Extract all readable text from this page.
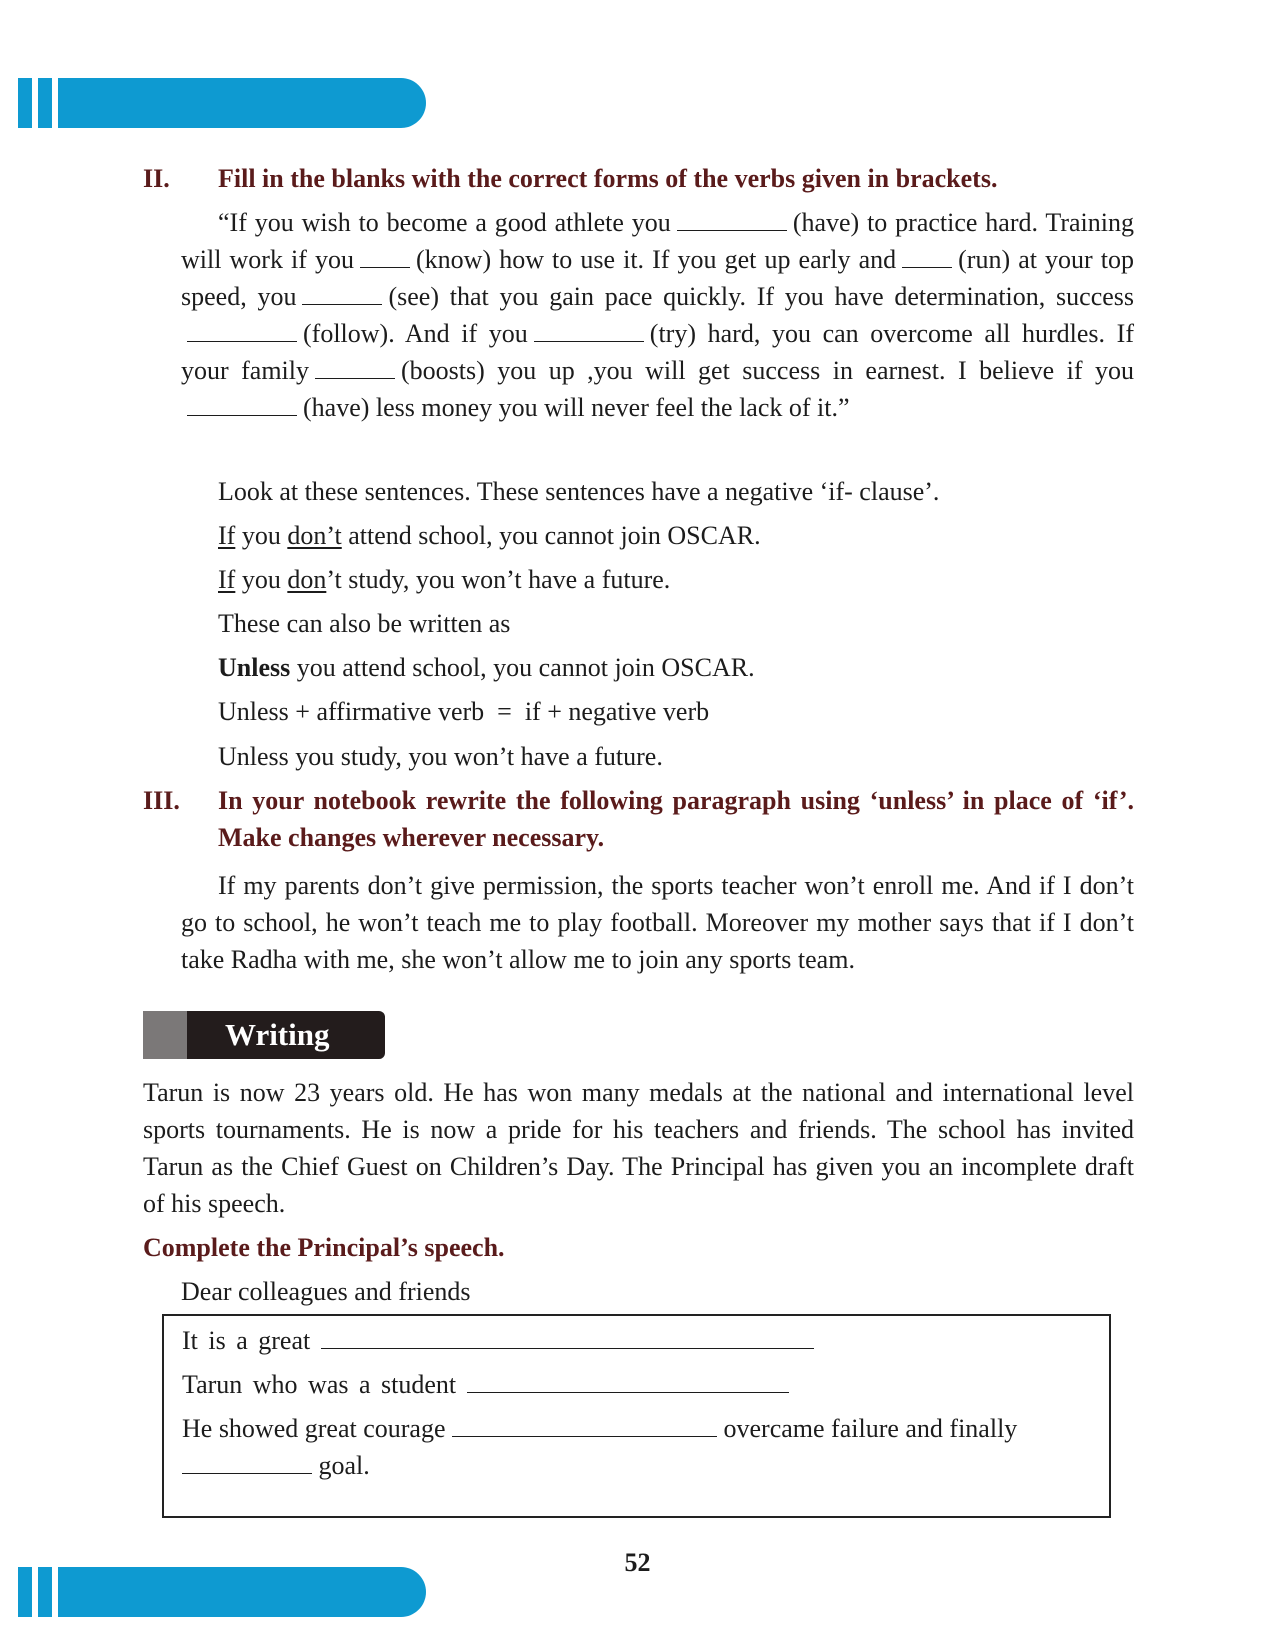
II. Fill in the blanks with the correct forms of the verbs given in brackets.
“If you wish to become a good athlete you	(have) to practice hard. Training will work if you (know) how to use it. If you get up early and (run) at your top speed, you	(see) that you gain pace quickly. If you have determination, success(follow). And if you	(try) hard, you can overcome all hurdles. If your family	(boosts) you up ,you will get success in earnest. I believe if you(have) less money you will never feel the lack of it.”
Look at these sentences. These sentences have a negative ‘if- clause’.
If you don’t attend school, you cannot join OSCAR.
If you don’t study, you won’t have a future.
These can also be written as
Unless you attend school, you cannot join OSCAR.
Unless + affirmative verb  =  if + negative verb
Unless you study, you won’t have a future.
III. In your notebook rewrite the following paragraph using ‘unless’ in place of ‘if’. Make changes wherever necessary.
If my parents don’t give permission, the sports teacher won’t enroll me. And if I don’t go to school, he won’t teach me to play football. Moreover my mother says that if I don’t take Radha with me, she won’t allow me to join any sports team.
Writing
Tarun is now 23 years old. He has won many medals at the national and international level sports tournaments. He is now a pride for his teachers and friends. The school has invited Tarun as the Chief Guest on Children’s Day. The Principal has given you an incomplete draft of his speech.
Complete the Principal’s speech.
Dear colleagues and friends
It is a great
Tarun who was a student
He showed great courage	overcame failure and finally
goal.
52
